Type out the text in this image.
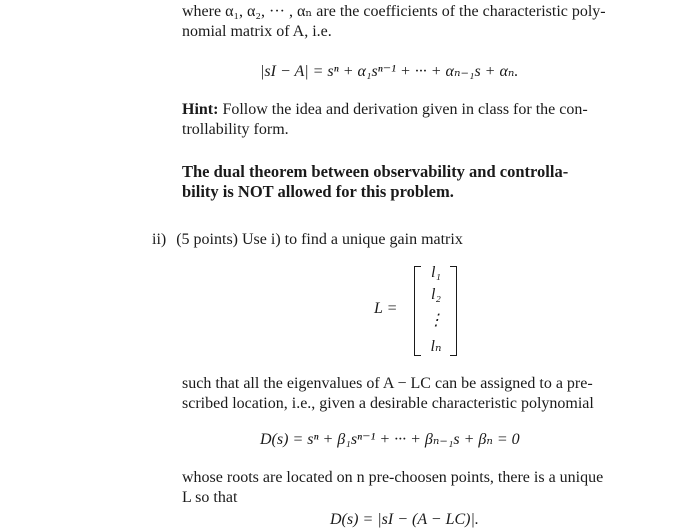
where α₁, α₂, ··· , αₙ are the coefficients of the characteristic poly-
nomial matrix of A, i.e.
|sI − A| = sⁿ + α₁sⁿ⁻¹ + ··· + αₙ₋₁s + αₙ.
Hint: Follow the idea and derivation given in class for the con-
trollability form.
The dual theorem between observability and controlla-
bility is NOT allowed for this problem.
ii) (5 points) Use i) to find a unique gain matrix
L =
l₁
l₂
⋮
lₙ
such that all the eigenvalues of A − LC can be assigned to a pre-
scribed location, i.e., given a desirable characteristic polynomial
D(s) = sⁿ + β₁sⁿ⁻¹ + ··· + βₙ₋₁s + βₙ = 0
whose roots are located on n pre-choosen points, there is a unique
L so that
D(s) = |sI − (A − LC)|.
